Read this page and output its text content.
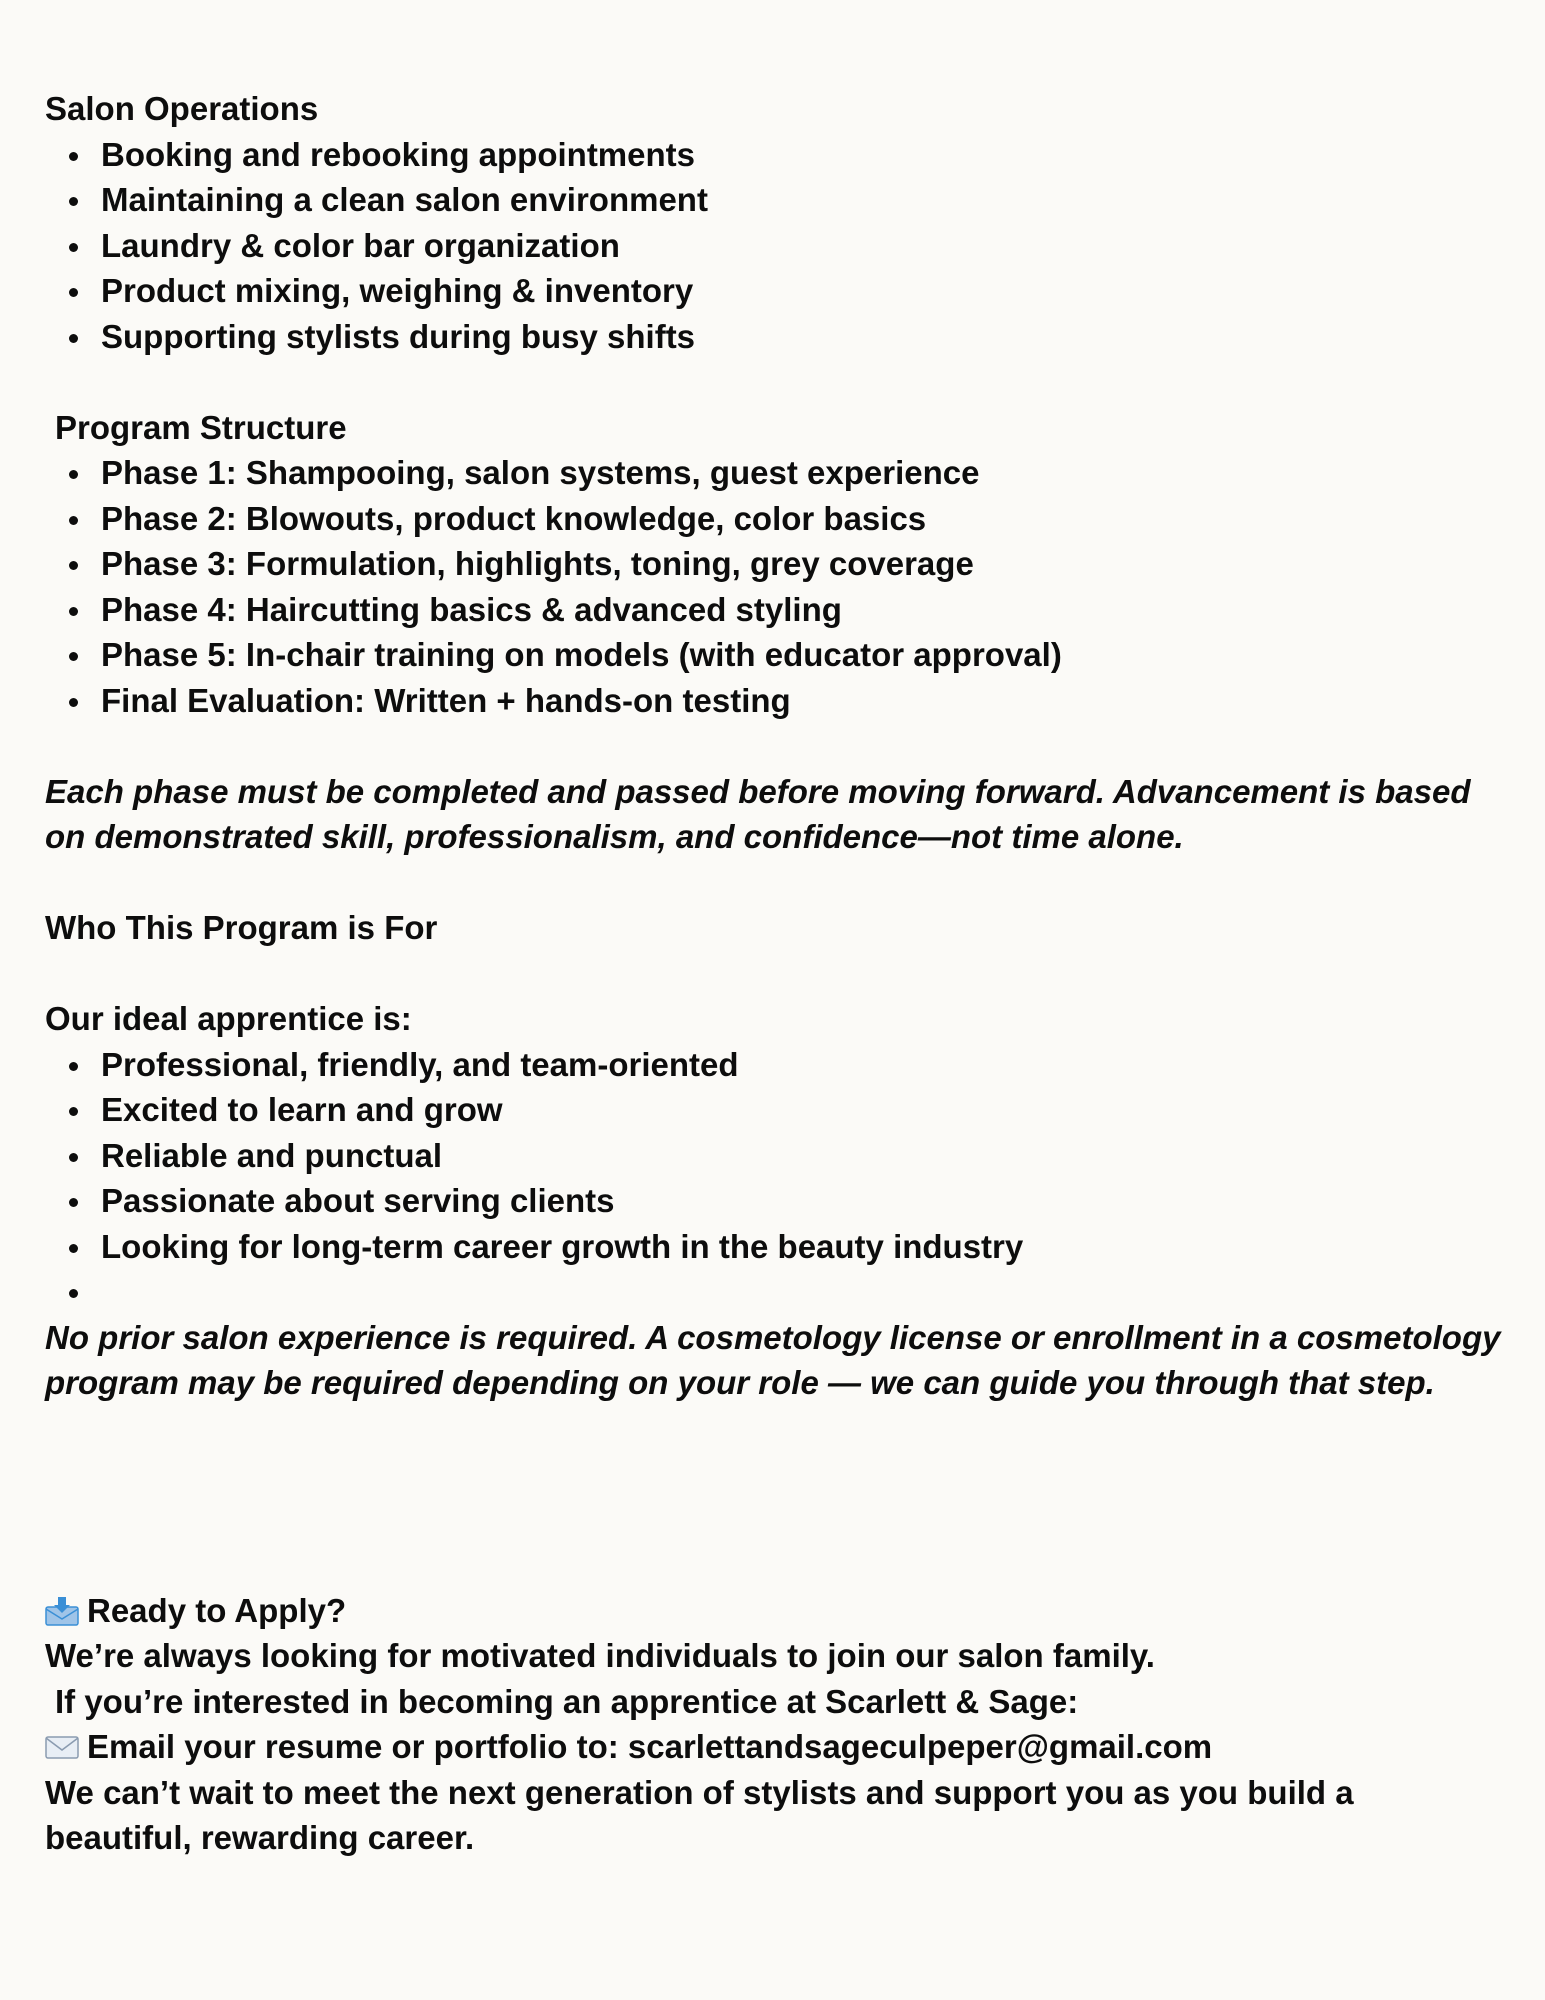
Salon Operations
Booking and rebooking appointments
Maintaining a clean salon environment
Laundry & color bar organization
Product mixing, weighing & inventory
Supporting stylists during busy shifts
Program Structure
Phase 1: Shampooing, salon systems, guest experience
Phase 2: Blowouts, product knowledge, color basics
Phase 3: Formulation, highlights, toning, grey coverage
Phase 4: Haircutting basics & advanced styling
Phase 5: In-chair training on models (with educator approval)
Final Evaluation: Written + hands-on testing
Each phase must be completed and passed before moving forward. Advancement is based on demonstrated skill, professionalism, and confidence—not time alone.
Who This Program is For
Our ideal apprentice is:
Professional, friendly, and team-oriented
Excited to learn and grow
Reliable and punctual
Passionate about serving clients
Looking for long-term career growth in the beauty industry
No prior salon experience is required. A cosmetology license or enrollment in a cosmetology program may be required depending on your role — we can guide you through that step.
Ready to Apply?
We’re always looking for motivated individuals to join our salon family.
If you’re interested in becoming an apprentice at Scarlett & Sage:
Email your resume or portfolio to: scarlettandsageculpeper@gmail.com
We can’t wait to meet the next generation of stylists and support you as you build a beautiful, rewarding career.
